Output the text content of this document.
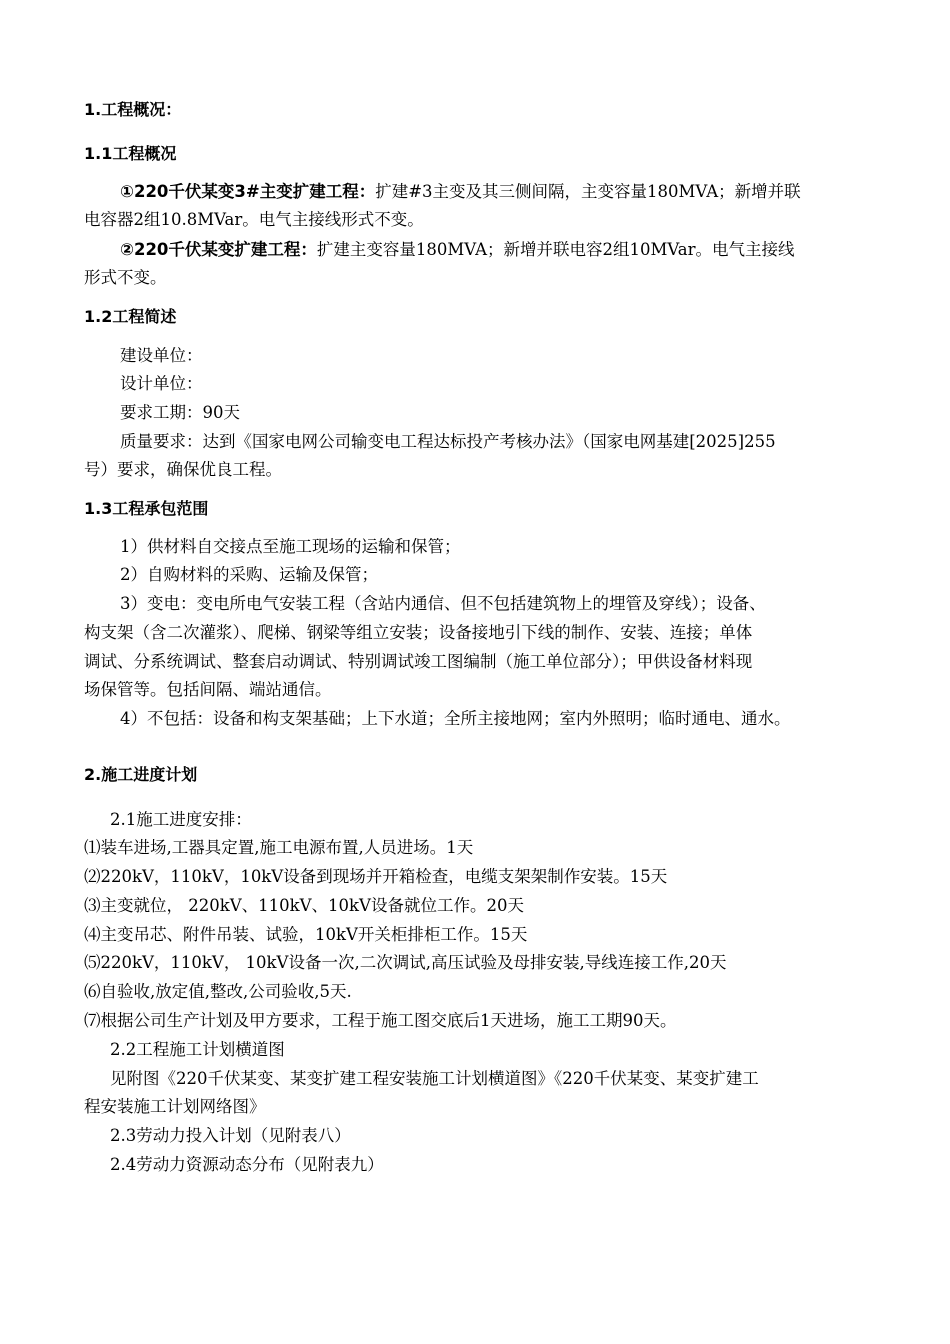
1.工程概况：
1.1工程概况
①220千伏某变3#主变扩建工程：扩建#3主变及其三侧间隔，主变容量180MVA；新增并联
电容器2组10.8MVar。电气主接线形式不变。
②220千伏某变扩建工程：扩建主变容量180MVA；新增并联电容2组10MVar。电气主接线
形式不变。
1.2工程简述
建设单位：
设计单位：
要求工期：90天
质量要求：达到《国家电网公司输变电工程达标投产考核办法》（国家电网基建[2025]255
号）要求，确保优良工程。
1.3工程承包范围
1）供材料自交接点至施工现场的运输和保管；
2）自购材料的采购、运输及保管；
3）变电：变电所电气安装工程（含站内通信、但不包括建筑物上的埋管及穿线）；设备、
构支架（含二次灌浆）、爬梯、钢梁等组立安装；设备接地引下线的制作、安装、连接；单体
调试、分系统调试、整套启动调试、特别调试竣工图编制（施工单位部分）；甲供设备材料现
场保管等。包括间隔、端站通信。
4）不包括：设备和构支架基础；上下水道；全所主接地网；室内外照明；临时通电、通水。
2.施工进度计划
2.1施工进度安排：
⑴装车进场,工器具定置,施工电源布置,人员进场。1天
⑵220kV，110kV，10kV设备到现场并开箱检查，电缆支架架制作安装。15天
⑶主变就位， 220kV、110kV、10kV设备就位工作。20天
⑷主变吊芯、附件吊装、试验，10kV开关柜排柜工作。15天
⑸220kV，110kV， 10kV设备一次,二次调试,高压试验及母排安装,导线连接工作,20天
⑹自验收,放定值,整改,公司验收,5天.
⑺根据公司生产计划及甲方要求，工程于施工图交底后1天进场，施工工期90天。
2.2工程施工计划横道图
见附图《220千伏某变、某变扩建工程安装施工计划横道图》《220千伏某变、某变扩建工
程安装施工计划网络图》
2.3劳动力投入计划（见附表八）
2.4劳动力资源动态分布（见附表九）
